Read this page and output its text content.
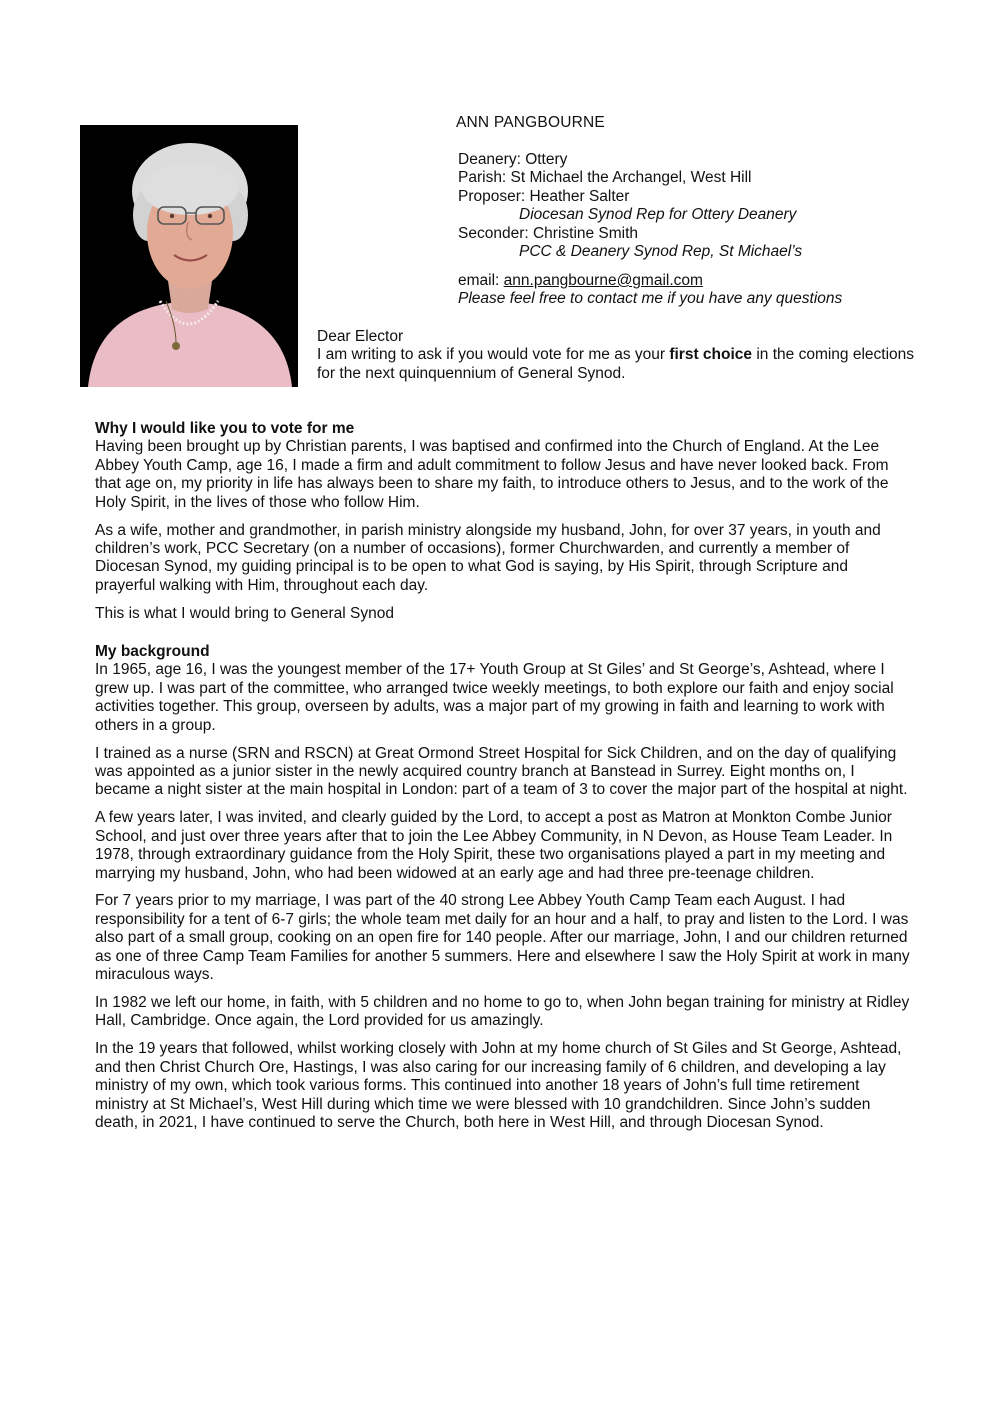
ANN PANGBOURNE
Deanery: Ottery
Parish: St Michael the Archangel, West Hill
Proposer: Heather Salter
Diocesan Synod Rep for Ottery Deanery
Seconder: Christine Smith
PCC & Deanery Synod Rep, St Michael’s
email: ann.pangbourne@gmail.com
Please feel free to contact me if you have any questions
Dear Elector
I am writing to ask if you would vote for me as your first choice in the coming elections for the next quinquennium of General Synod.
Why I would like you to vote for me

Having been brought up by Christian parents, I was baptised and confirmed into the Church of England. At the Lee Abbey Youth Camp, age 16, I made a firm and adult commitment to follow Jesus and have never looked back. From that age on, my priority in life has always been to share my faith, to introduce others to Jesus, and to the work of the Holy Spirit, in the lives of those who follow Him.

As a wife, mother and grandmother, in parish ministry alongside my husband, John, for over 37 years, in youth and children’s work, PCC Secretary (on a number of occasions), former Churchwarden, and currently a member of Diocesan Synod, my guiding principal is to be open to what God is saying, by His Spirit, through Scripture and prayerful walking with Him, throughout each day.

This is what I would bring to General Synod

My background

In 1965, age 16, I was the youngest member of the 17+ Youth Group at St Giles’ and St George’s, Ashtead, where I grew up. I was part of the committee, who arranged twice weekly meetings, to both explore our faith and enjoy social activities together. This group, overseen by adults, was a major part of my growing in faith and learning to work with others in a group.

I trained as a nurse (SRN and RSCN) at Great Ormond Street Hospital for Sick Children, and on the day of qualifying was appointed as a junior sister in the newly acquired country branch at Banstead in Surrey. Eight months on, I became a night sister at the main hospital in London: part of a team of 3 to cover the major part of the hospital at night.

A few years later, I was invited, and clearly guided by the Lord, to accept a post as Matron at Monkton Combe Junior School, and just over three years after that to join the Lee Abbey Community, in N Devon, as House Team Leader. In 1978, through extraordinary guidance from the Holy Spirit, these two organisations played a part in my meeting and marrying my husband, John, who had been widowed at an early age and had three pre-teenage children.

For 7 years prior to my marriage, I was part of the 40 strong Lee Abbey Youth Camp Team each August. I had responsibility for a tent of 6-7 girls; the whole team met daily for an hour and a half, to pray and listen to the Lord. I was also part of a small group, cooking on an open fire for 140 people. After our marriage, John, I and our children returned as one of three Camp Team Families for another 5 summers. Here and elsewhere I saw the Holy Spirit at work in many miraculous ways.

In 1982 we left our home, in faith, with 5 children and no home to go to, when John began training for ministry at Ridley Hall, Cambridge. Once again, the Lord provided for us amazingly.

In the 19 years that followed, whilst working closely with John at my home church of St Giles and St George, Ashtead, and then Christ Church Ore, Hastings, I was also caring for our increasing family of 6 children, and developing a lay ministry of my own, which took various forms. This continued into another 18 years of John’s full time retirement ministry at St Michael’s, West Hill during which time we were blessed with 10 grandchildren. Since John’s sudden death, in 2021, I have continued to serve the Church, both here in West Hill, and through Diocesan Synod.
